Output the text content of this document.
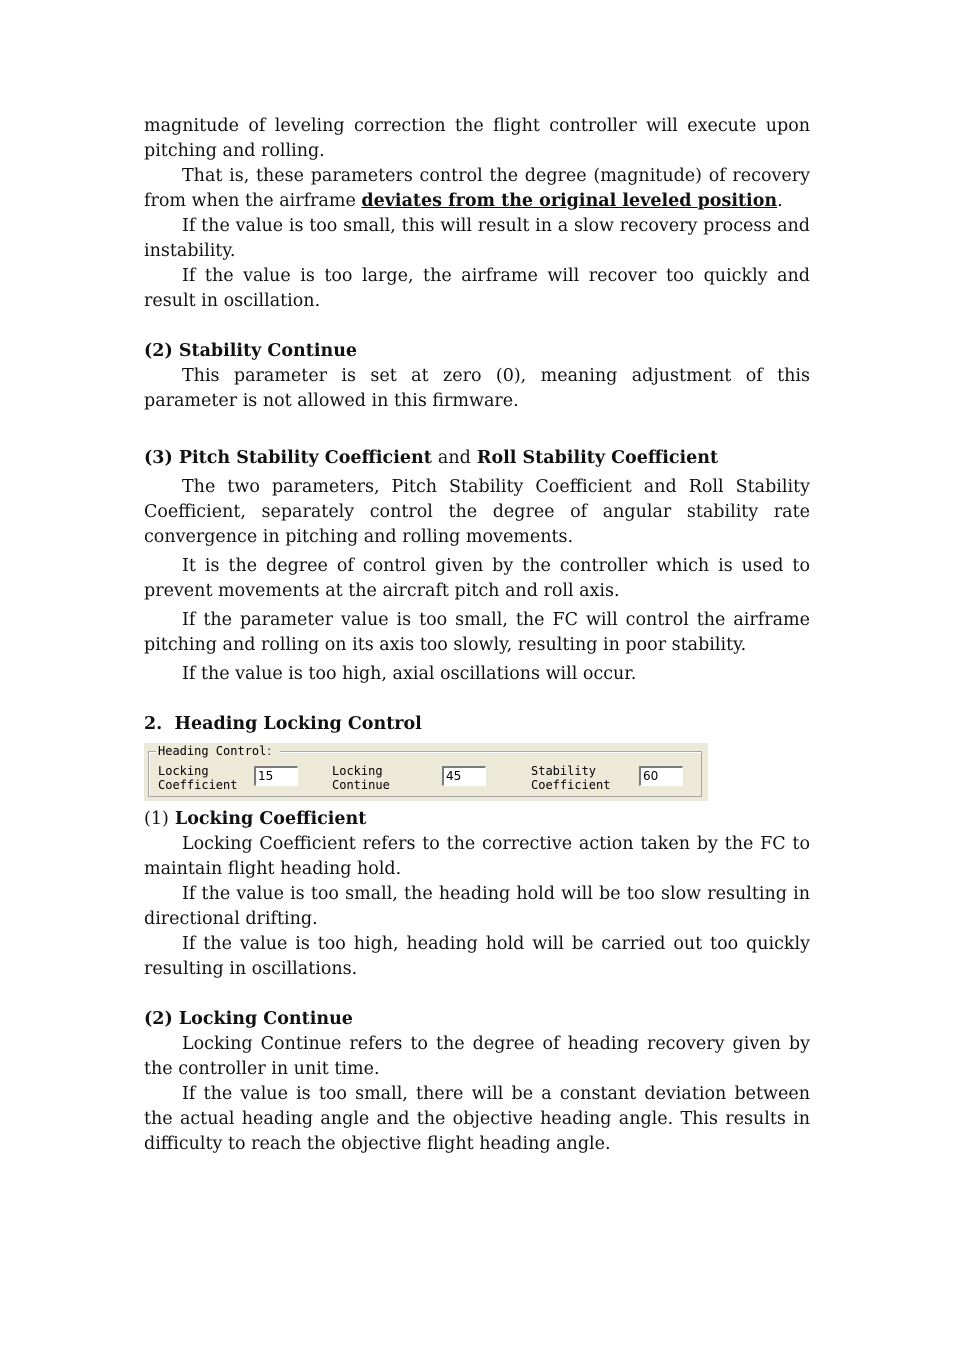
magnitude of leveling correction the flight controller will execute upon pitching and rolling.

That is, these parameters control the degree (magnitude) of recovery from when the airframe deviates from the original leveled position.

If the value is too small, this will result in a slow recovery process and instability.

If the value is too large, the airframe will recover too quickly and result in oscillation.

(2) Stability Continue

This parameter is set at zero (0), meaning adjustment of this parameter is not allowed in this firmware.

(3) Pitch Stability Coefficient and Roll Stability Coefficient

The two parameters, Pitch Stability Coefficient and Roll Stability Coefficient, separately control the degree of angular stability rate convergence in pitching and rolling movements.

It is the degree of control given by the controller which is used to prevent movements at the aircraft pitch and roll axis.

If the parameter value is too small, the FC will control the airframe pitching and rolling on its axis too slowly, resulting in poor stability.

If the value is too high, axial oscillations will occur.

2. Heading Locking Control

Heading Control：
Locking
Coefficient
15	Locking
Continue
45	Stability
Coefficient
60

(1) Locking Coefficient

Locking Coefficient refers to the corrective action taken by the FC to maintain flight heading hold.

If the value is too small, the heading hold will be too slow resulting in directional drifting.

If the value is too high, heading hold will be carried out too quickly resulting in oscillations.

(2) Locking Continue

Locking Continue refers to the degree of heading recovery given by the controller in unit time.

If the value is too small, there will be a constant deviation between the actual heading angle and the objective heading angle. This results in difficulty to reach the objective flight heading angle.
